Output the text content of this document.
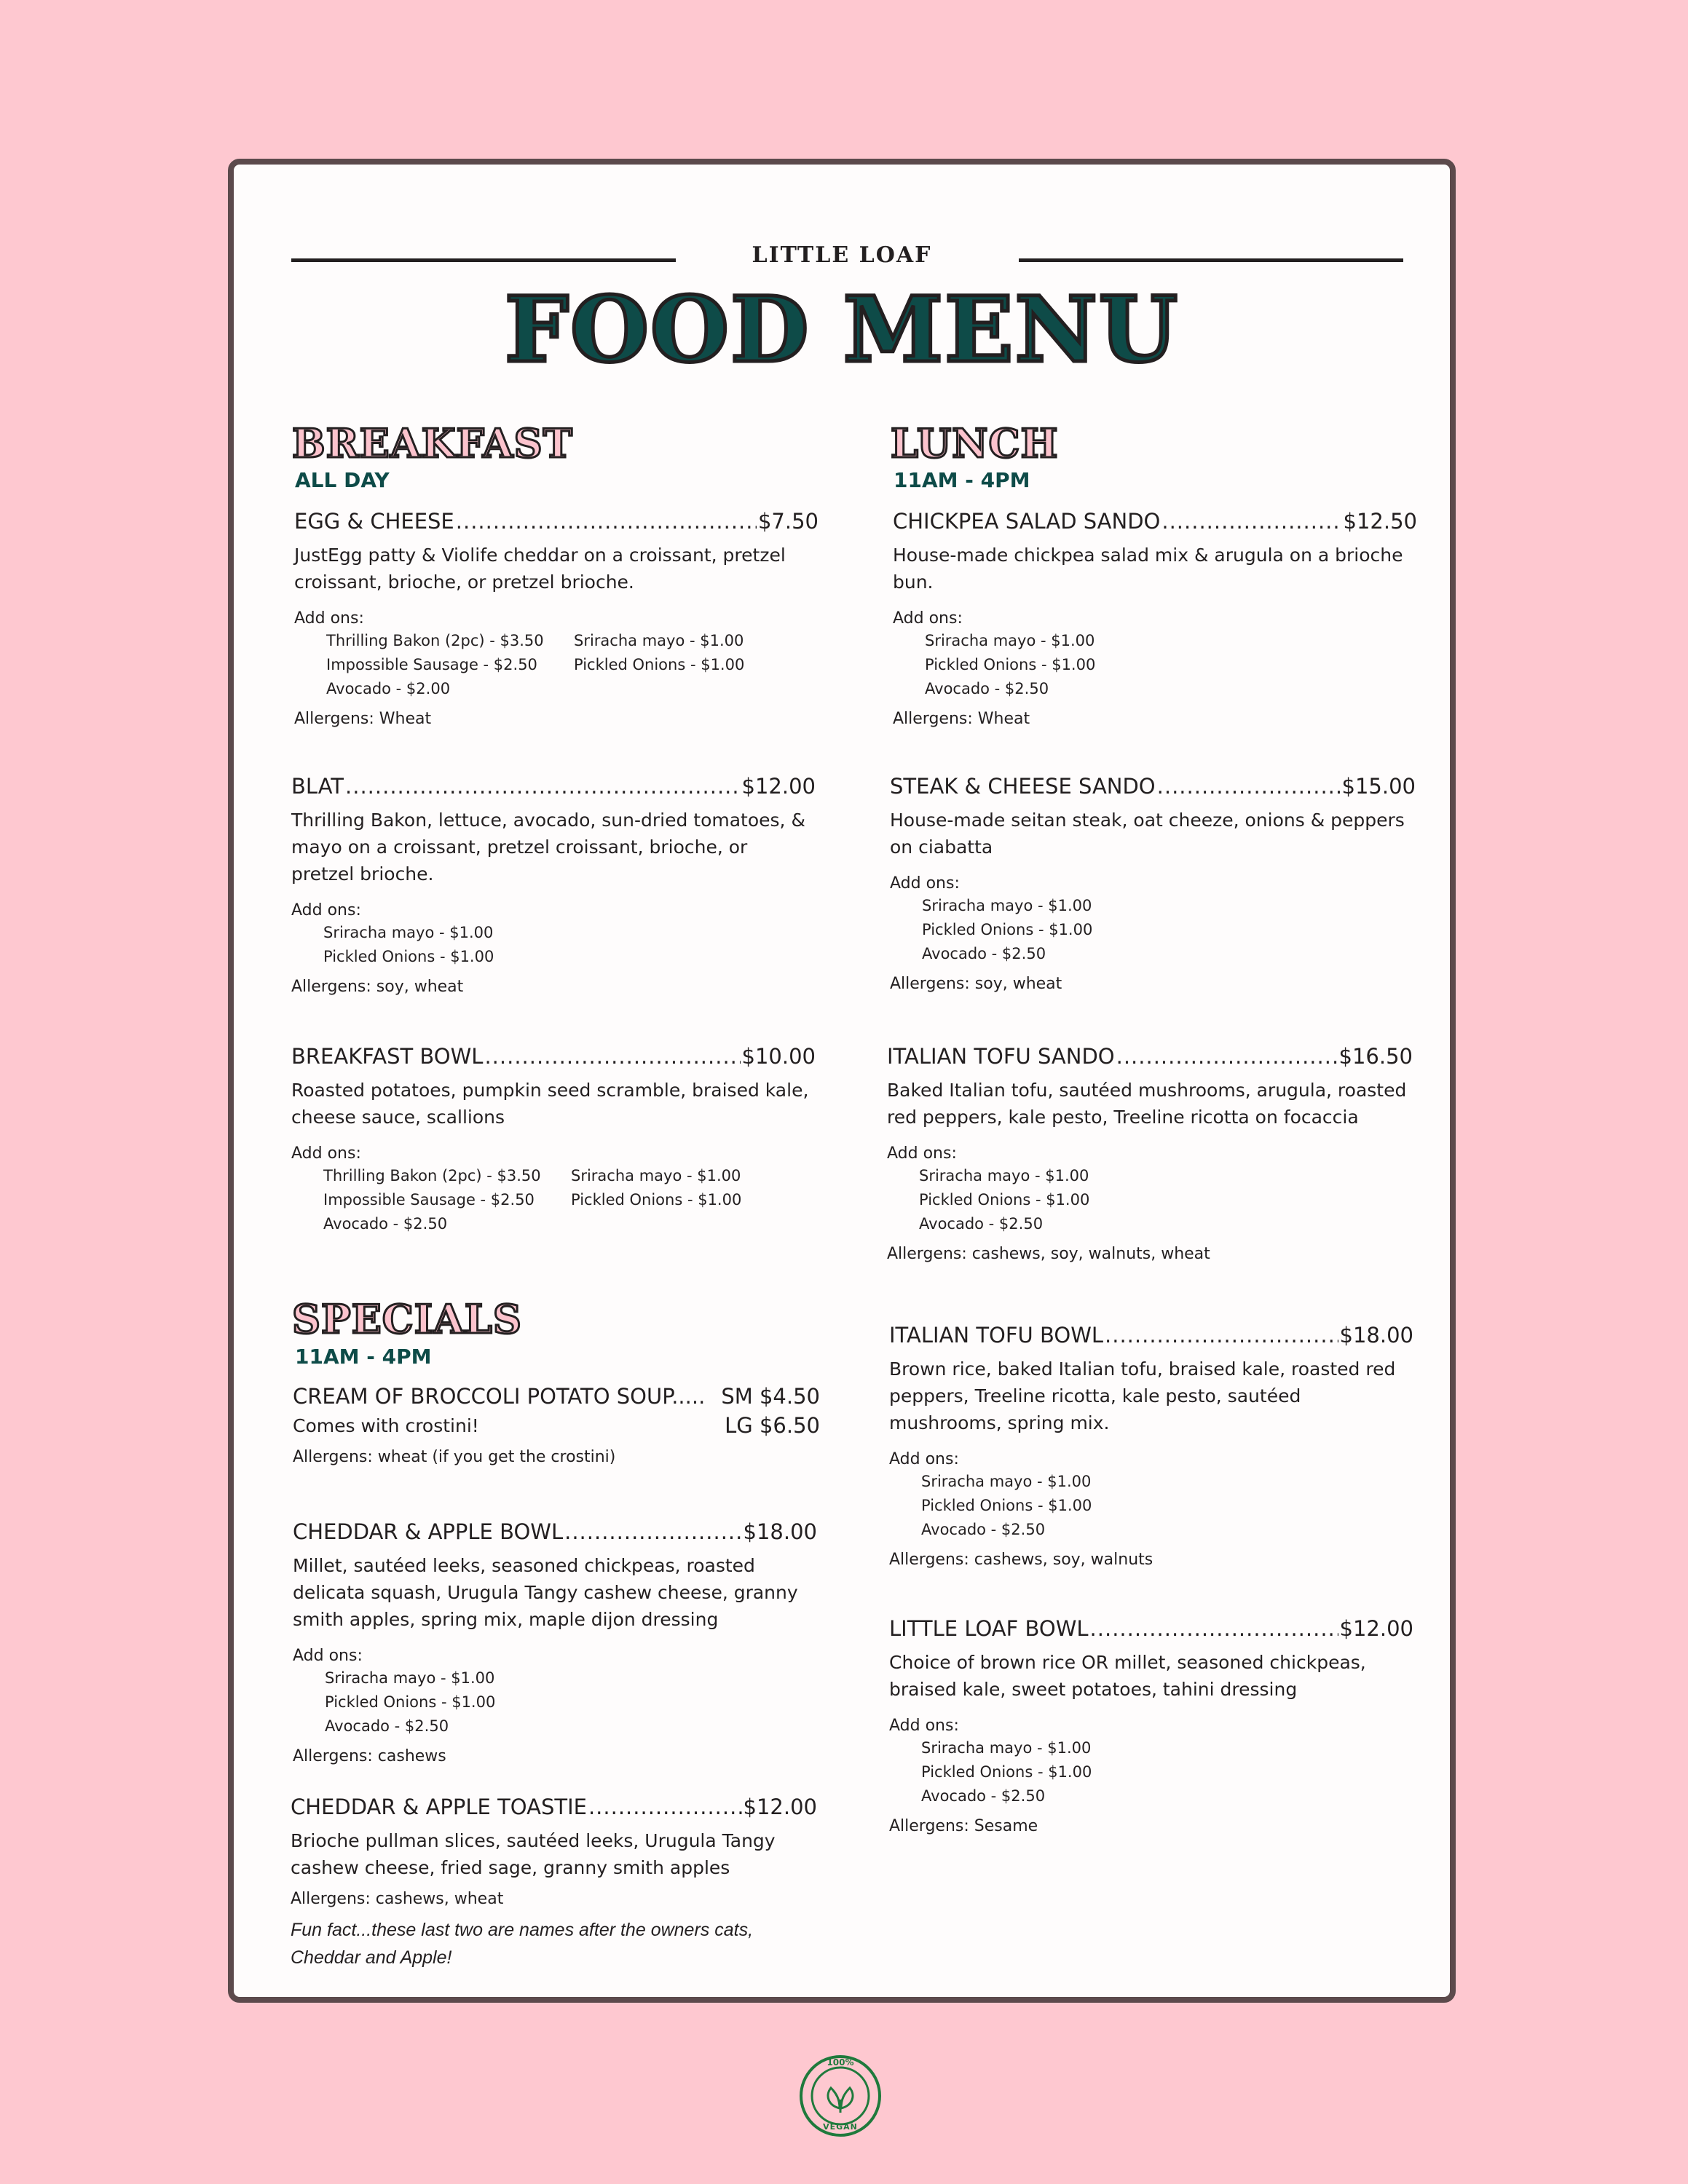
LITTLE LOAF
FOOD MENU
BREAKFAST
ALL DAY
EGG & CHEESE .....	$7.50
JustEgg patty & Violife cheddar on a croissant, pretzel croissant, brioche, or pretzel brioche.
Add ons:
Thrilling Bakon (2pc) - $3.50
Impossible Sausage - $2.50
Avocado - $2.00
Sriracha mayo - $1.00
Pickled Onions - $1.00
Allergens: Wheat
BLAT .....	$12.00
Thrilling Bakon, lettuce, avocado, sun-dried tomatoes, & mayo on a croissant, pretzel croissant, brioche, or pretzel brioche.
Add ons:
Sriracha mayo - $1.00
Pickled Onions - $1.00
Allergens: soy, wheat
BREAKFAST BOWL .....	$10.00
Roasted potatoes, pumpkin seed scramble, braised kale, cheese sauce, scallions
Add ons:
Thrilling Bakon (2pc) - $3.50
Impossible Sausage - $2.50
Avocado - $2.50
Sriracha mayo - $1.00
Pickled Onions - $1.00
SPECIALS
11AM - 4PM
CREAM OF BROCCOLI POTATO SOUP..... SM $4.50
Comes with crostini!	LG $6.50
Allergens: wheat (if you get the crostini)
CHEDDAR & APPLE BOWL .....	$18.00
Millet, sautéed leeks, seasoned chickpeas, roasted delicata squash, Urugula Tangy cashew cheese, granny smith apples, spring mix, maple dijon dressing
Add ons:
Sriracha mayo - $1.00
Pickled Onions - $1.00
Avocado - $2.50
Allergens: cashews
CHEDDAR & APPLE TOASTIE .....	$12.00
Brioche pullman slices, sautéed leeks, Urugula Tangy cashew cheese, fried sage, granny smith apples
Allergens: cashews, wheat
Fun fact...these last two are names after the owners cats, Cheddar and Apple!
LUNCH
11AM - 4PM
CHICKPEA SALAD SANDO .....	$12.50
House-made chickpea salad mix & arugula on a brioche bun.
Add ons:
Sriracha mayo - $1.00
Pickled Onions - $1.00
Avocado - $2.50
Allergens: Wheat
STEAK & CHEESE SANDO .....	$15.00
House-made seitan steak, oat cheeze, onions & peppers on ciabatta
Add ons:
Sriracha mayo - $1.00
Pickled Onions - $1.00
Avocado - $2.50
Allergens: soy, wheat
ITALIAN TOFU SANDO .....	$16.50
Baked Italian tofu, sautéed mushrooms, arugula, roasted red peppers, kale pesto, Treeline ricotta on focaccia
Add ons:
Sriracha mayo - $1.00
Pickled Onions - $1.00
Avocado - $2.50
Allergens: cashews, soy, walnuts, wheat
ITALIAN TOFU BOWL .....	$18.00
Brown rice, baked Italian tofu, braised kale, roasted red peppers, Treeline ricotta, kale pesto, sautéed mushrooms, spring mix.
Add ons:
Sriracha mayo - $1.00
Pickled Onions - $1.00
Avocado - $2.50
Allergens: cashews, soy, walnuts
LITTLE LOAF BOWL .....	$12.00
Choice of brown rice OR millet, seasoned chickpeas, braised kale, sweet potatoes, tahini dressing
Add ons:
Sriracha mayo - $1.00
Pickled Onions - $1.00
Avocado - $2.50
Allergens: Sesame
100%
VEGAN
